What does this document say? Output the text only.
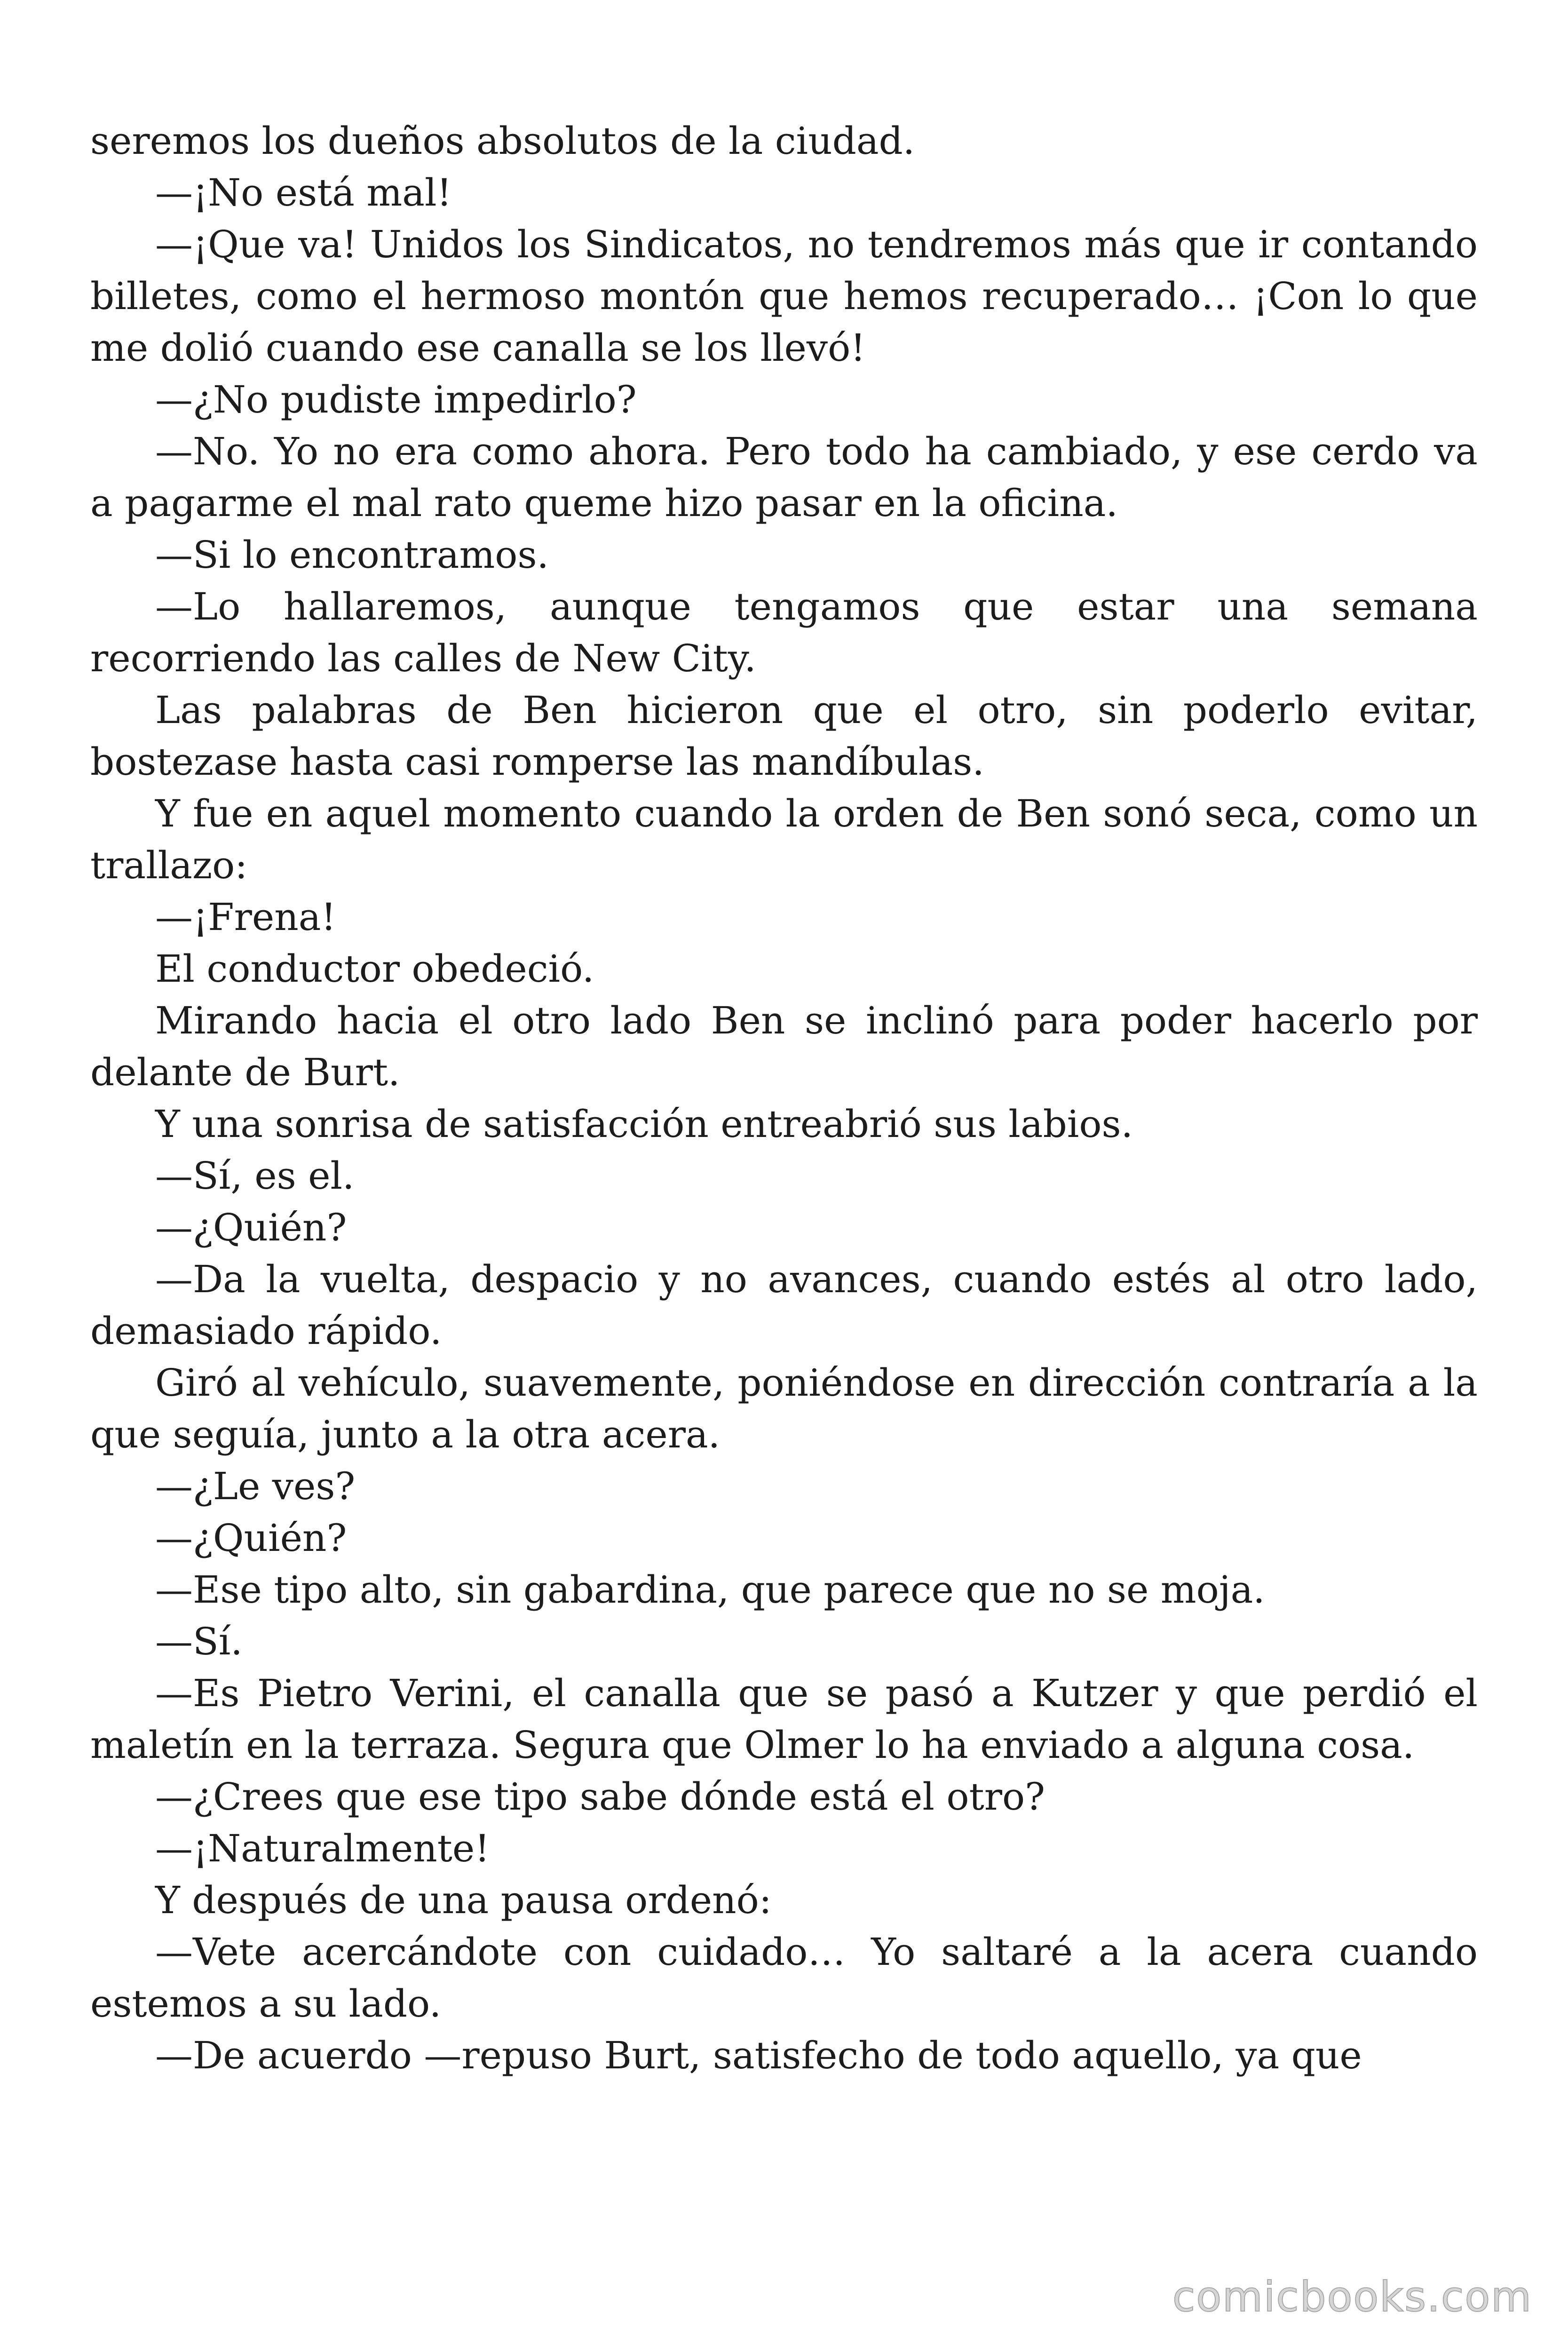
seremos los dueños absolutos de la ciudad.

—¡No está mal!

—¡Que va! Unidos los Sindicatos, no tendremos más que ir contando billetes, como el hermoso montón que hemos recuperado… ¡Con lo que me dolió cuando ese canalla se los llevó!

—¿No pudiste impedirlo?

—No. Yo no era como ahora. Pero todo ha cambiado, y ese cerdo va a pagarme el mal rato queme hizo pasar en la oficina.

—Si lo encontramos.

—Lo hallaremos, aunque tengamos que estar una semana recorriendo las calles de New City.

Las palabras de Ben hicieron que el otro, sin poderlo evitar, bostezase hasta casi romperse las mandíbulas.

Y fue en aquel momento cuando la orden de Ben sonó seca, como un trallazo:

—¡Frena!

El conductor obedeció.

Mirando hacia el otro lado Ben se inclinó para poder hacerlo por delante de Burt.

Y una sonrisa de satisfacción entreabrió sus labios.

—Sí, es el.

—¿Quién?

—Da la vuelta, despacio y no avances, cuando estés al otro lado, demasiado rápido.

Giró al vehículo, suavemente, poniéndose en dirección contraría a la que seguía, junto a la otra acera.

—¿Le ves?

—¿Quién?

—Ese tipo alto, sin gabardina, que parece que no se moja.

—Sí.

—Es Pietro Verini, el canalla que se pasó a Kutzer y que perdió el maletín en la terraza. Segura que Olmer lo ha enviado a alguna cosa.

—¿Crees que ese tipo sabe dónde está el otro?

—¡Naturalmente!

Y después de una pausa ordenó:

—Vete acercándote con cuidado… Yo saltaré a la acera cuando estemos a su lado.

—De acuerdo —repuso Burt, satisfecho de todo aquello, ya que

comicbooks.com
